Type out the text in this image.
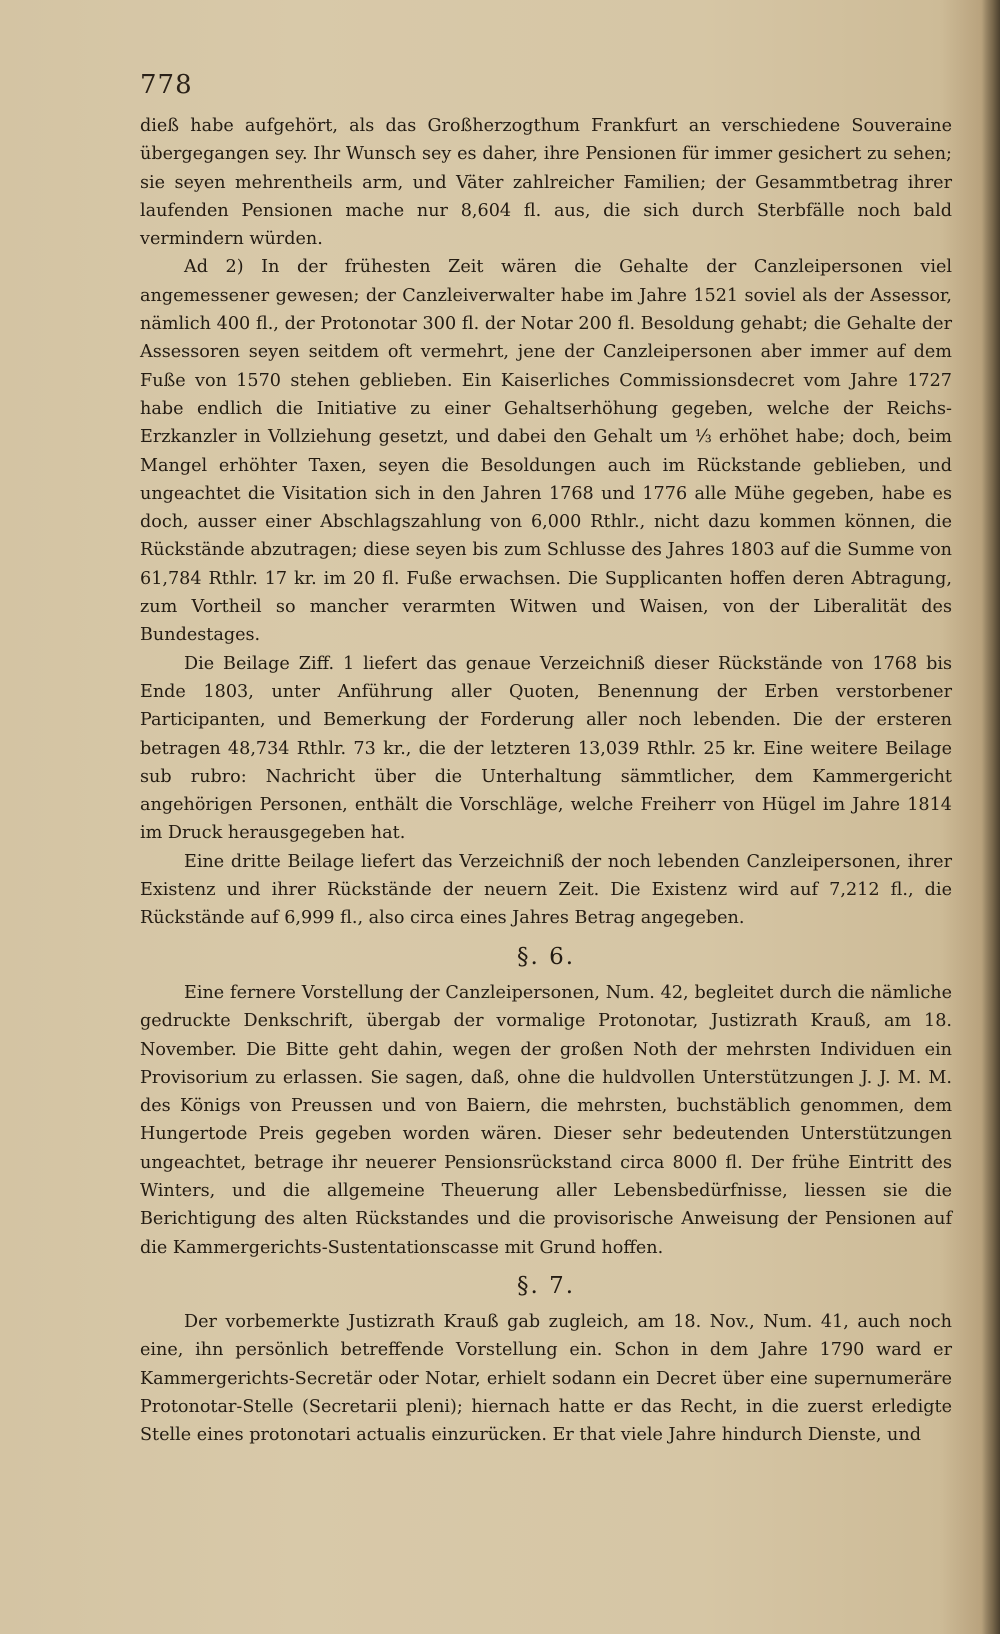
778

dieß habe aufgehört, als das Großherzogthum Frankfurt an verschiedene Souveraine übergegangen sey. Ihr Wunsch sey es daher, ihre Pensionen für immer gesichert zu sehen; sie seyen mehrentheils arm, und Väter zahlreicher Familien; der Gesammtbetrag ihrer laufenden Pensionen mache nur 8,604 fl. aus, die sich durch Sterbfälle noch bald vermindern würden.

Ad 2) In der frühesten Zeit wären die Gehalte der Canzleipersonen viel angemessener gewesen; der Canzleiverwalter habe im Jahre 1521 soviel als der Assessor, nämlich 400 fl., der Protonotar 300 fl. der Notar 200 fl. Besoldung gehabt; die Gehalte der Assessoren seyen seitdem oft vermehrt, jene der Canzleipersonen aber immer auf dem Fuße von 1570 stehen geblieben. Ein Kaiserliches Commissionsdecret vom Jahre 1727 habe endlich die Initiative zu einer Gehaltserhöhung gegeben, welche der Reichs-Erzkanzler in Vollziehung gesetzt, und dabei den Gehalt um ⅓ erhöhet habe; doch, beim Mangel erhöhter Taxen, seyen die Besoldungen auch im Rückstande geblieben, und ungeachtet die Visitation sich in den Jahren 1768 und 1776 alle Mühe gegeben, habe es doch, ausser einer Abschlagszahlung von 6,000 Rthlr., nicht dazu kommen können, die Rückstände abzutragen; diese seyen bis zum Schlusse des Jahres 1803 auf die Summe von 61,784 Rthlr. 17 kr. im 20 fl. Fuße erwachsen. Die Supplicanten hoffen deren Abtragung, zum Vortheil so mancher verarmten Witwen und Waisen, von der Liberalität des Bundestages.

Die Beilage Ziff. 1 liefert das genaue Verzeichniß dieser Rückstände von 1768 bis Ende 1803, unter Anführung aller Quoten, Benennung der Erben verstorbener Participanten, und Bemerkung der Forderung aller noch lebenden. Die der ersteren betragen 48,734 Rthlr. 73 kr., die der letzteren 13,039 Rthlr. 25 kr. Eine weitere Beilage sub rubro: Nachricht über die Unterhaltung sämmtlicher, dem Kammergericht angehörigen Personen, enthält die Vorschläge, welche Freiherr von Hügel im Jahre 1814 im Druck herausgegeben hat.

Eine dritte Beilage liefert das Verzeichniß der noch lebenden Canzleipersonen, ihrer Existenz und ihrer Rückstände der neuern Zeit. Die Existenz wird auf 7,212 fl., die Rückstände auf 6,999 fl., also circa eines Jahres Betrag angegeben.

§. 6.

Eine fernere Vorstellung der Canzleipersonen, Num. 42, begleitet durch die nämliche gedruckte Denkschrift, übergab der vormalige Protonotar, Justizrath Krauß, am 18. November. Die Bitte geht dahin, wegen der großen Noth der mehrsten Individuen ein Provisorium zu erlassen. Sie sagen, daß, ohne die huldvollen Unterstützungen J. J. M. M. des Königs von Preussen und von Baiern, die mehrsten, buchstäblich genommen, dem Hungertode Preis gegeben worden wären. Dieser sehr bedeutenden Unterstützungen ungeachtet, betrage ihr neuerer Pensionsrückstand circa 8000 fl. Der frühe Eintritt des Winters, und die allgemeine Theuerung aller Lebensbedürfnisse, liessen sie die Berichtigung des alten Rückstandes und die provisorische Anweisung der Pensionen auf die Kammergerichts-Sustentationscasse mit Grund hoffen.

§. 7.

Der vorbemerkte Justizrath Krauß gab zugleich, am 18. Nov., Num. 41, auch noch eine, ihn persönlich betreffende Vorstellung ein. Schon in dem Jahre 1790 ward er Kammergerichts-Secretär oder Notar, erhielt sodann ein Decret über eine supernumeräre Protonotar-Stelle (Secretarii pleni); hiernach hatte er das Recht, in die zuerst erledigte Stelle eines protonotari actualis einzurücken. Er that viele Jahre hindurch Dienste, und
